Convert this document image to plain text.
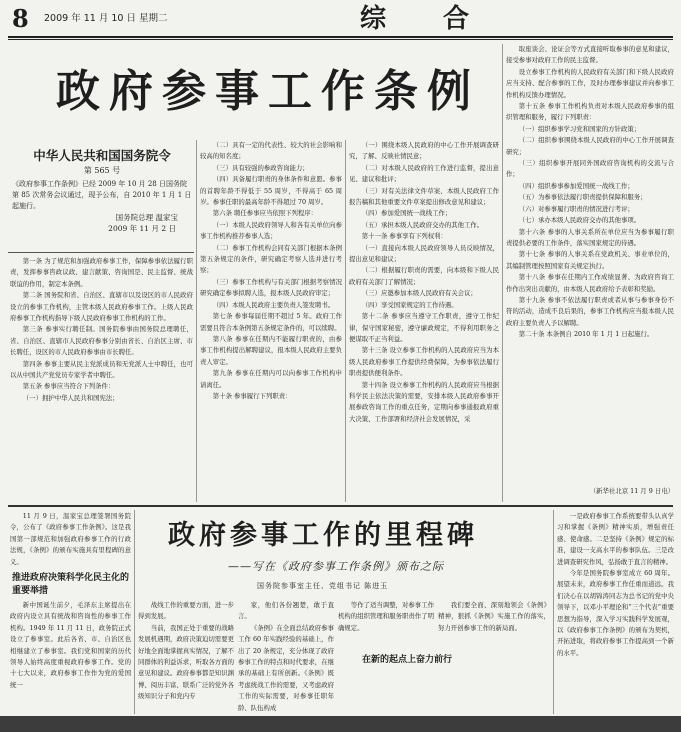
8 2009 年 11 月 10 日 星期二	综 合
政府参事工作条例
中华人民共和国国务院令
第 565 号
《政府参事工作条例》已经 2009 年 10 月 28 日国务院第 85 次常务会议通过，现予公布，自 2010 年 1 月 1 日起施行。
国务院总理 温家宝
2009 年 11 月 2 日

第一条 为了规范和加强政府参事工作，保障参事依法履行职责，发挥参事咨政议政、建言献策、咨询国是、民主监督、统战联谊的作用，制定本条例。

第二条 国务院和省、自治区、直辖市以及设区的市人民政府设立的参事工作机构，主管本级人民政府参事工作。上级人民政府参事工作机构指导下级人民政府参事工作机构的工作。

第三条 参事实行聘任制。国务院参事由国务院总理聘任，省、自治区、直辖市人民政府参事分别由省长、自治区主席、市长聘任，设区的市人民政府参事由市长聘任。

第四条 参事主要从民主党派成员和无党派人士中聘任，也可以从中国共产党党员专家学者中聘任。

第五条 参事应当符合下列条件：

（一）拥护中华人民共和国宪法；

（二）具有一定的代表性、较大的社会影响和较高的知名度；

（三）具有较强的参政咨询能力；

（四）具备履行职责的身体条件和意愿。参事的首聘年龄不得低于 55 周岁，不得高于 65 周岁。参事任职的最高年龄不得超过 70 周岁。

第六条 聘任参事应当依照下列程序：

（一）本级人民政府领导人和各有关单位向参事工作机构推荐参事人选；

（二）参事工作机构会同有关部门根据本条例第五条规定的条件，研究确定考察人选并进行考察；

（三）参事工作机构与有关部门根据考察情况研究确定参事拟聘人选，报本级人民政府审定；

（四）本级人民政府主要负责人签发聘书。

第七条 参事每届任期不超过 5 年。政府工作需要且符合本条例第五条规定条件的，可以续聘。

第八条 参事在任期内不能履行职责的，由参事工作机构提出解聘建议，报本级人民政府主要负责人审定。

第九条 参事在任期内可以向参事工作机构申请离任。

第十条 参事履行下列职责：

（一）围绕本级人民政府的中心工作开展调查研究，了解、反映社情民意；

（二）对本级人民政府的工作进行监督，提出意见、建议和批评；

（三）对有关法律文件草案、本级人民政府工作报告稿和其他重要文件草案提出修改意见和建议；

（四）参加爱国统一战线工作；

（五）承担本级人民政府交办的其他工作。

第十一条 参事享有下列权利：

（一）直接向本级人民政府领导人员反映情况，提出意见和建议；

（二）根据履行职责的需要，向本级和下级人民政府有关部门了解情况；

（三）应邀参加本级人民政府有关会议；

（四）享受国家规定的工作待遇。

第十二条 参事应当遵守工作职责，遵守工作纪律，保守国家秘密，遵守廉政规定，不得利用职务之便谋取不正当利益。

第十三条 设立参事工作机构的人民政府应当为本级人民政府参事工作提供经费保障，为参事依法履行职责提供便利条件。

第十四条 设立参事工作机构的人民政府应当根据科学民主依法决策的需要，安排本级人民政府参事开展参政咨询工作的重点任务，定期向参事通报政府重大决策、工作部署和经济社会发展情况，采

取座谈会、论证会等方式直接听取参事的意见和建议，接受参事对政府工作的民主监督。

设立参事工作机构的人民政府有关部门和下级人民政府应当支持、配合参事的工作，及时办理参事建议并向参事工作机构反馈办理情况。

第十五条 参事工作机构负责对本级人民政府参事的组织管理和服务，履行下列职责：

（一）组织参事学习党和国家的方针政策；

（二）组织参事围绕本级人民政府的中心工作开展调查研究；

（三）组织参事开展同外国政府咨询机构的交流与合作；

（四）组织参事参加爱国统一战线工作；

（五）为参事依法履行职责提供保障和服务；

（六）对参事履行职责的情况进行考评；

（七）承办本级人民政府交办的其他事项。

第十六条 参事的人事关系所在单位应当为参事履行职责提供必要的工作条件，落实国家规定的待遇。

第十七条 参事的人事关系在党政机关、事业单位的，其编制管理按照国家有关规定执行。

第十八条 参事在任期内工作成绩显著、为政府咨询工作作出突出贡献的，由本级人民政府给予表彰和奖励。

第十九条 参事不依法履行职责或者从事与参事身份不符的活动，造成不良后果的，参事工作机构应当报本级人民政府主要负责人予以解聘。

第二十条 本条例自 2010 年 1 月 1 日起施行。

（新华社北京 11 月 9 日电）
政府参事工作的里程碑
——写在《政府参事工作条例》颁布之际
国务院参事室主任、党组书记 陈进玉

11 月 9 日，温家宝总理签署国务院令，公布了《政府参事工作条例》。这是我国第一部规范和加强政府参事工作的行政法规，《条例》的颁布实施具有里程碑的意义。

推进政府决策科学化民主化的重要举措

新中国诞生前夕，毛泽东主席提出在政府内设立具有统战和咨询性的参事工作机构。1949 年 11 月 11 日，政务院正式设立了参事室。此后各省、市、自治区也相继建立了参事室。我们党和国家的历代领导人始终高度重视政府参事工作。党的十七大以来，政府参事工作作为党的爱国统一

战线工作的重要方面，进一步得到发展。

当前，我国正处于重要的战略发展机遇期，政府决策迫切需要更好地全面地掌握真实情况，了解不同群体的利益诉求，听取各方面的意见和建议。政府参事都是知识渊博、阅历丰富、联系广泛的党外各级知识分子和党内专

家，他们各份翘楚，敢于直言。

《条例》在全面总结政府参事工作 60 年实践经验的基础上，作出了 20 条规定，充分体现了政府参事工作的特点和时代要求，在继承的基础上有所创新。《条例》既考虑统战工作的需要，又考虑政府工作的实际需要，对参事任职年龄、队伍构成

等作了适当调整，对参事工作机构的组织管理和服务职责作了明确规定。

在新的起点上奋力前行

我们要全面、深刻地领会《条例》精神，狠抓《条例》实施工作的落实，努力开创参事工作的新局面。

一是政府参事工作系统要带头认真学习和掌握《条例》精神实质，增强责任感、使命感。二是坚持《条例》规定的标准，建设一支高水平的参事队伍。三是改进调查研究作风，弘扬敢于直言的精神。

今年是国务院参事室成立 60 周年。展望未来，政府参事工作任重而道远。我们决心在以胡锦涛同志为总书记的党中央领导下，以邓小平理论和“三个代表”重要思想为指导，深入学习实践科学发展观，以《政府参事工作条例》的颁布为契机，开拓进取，将政府参事工作提高到一个新的水平。
